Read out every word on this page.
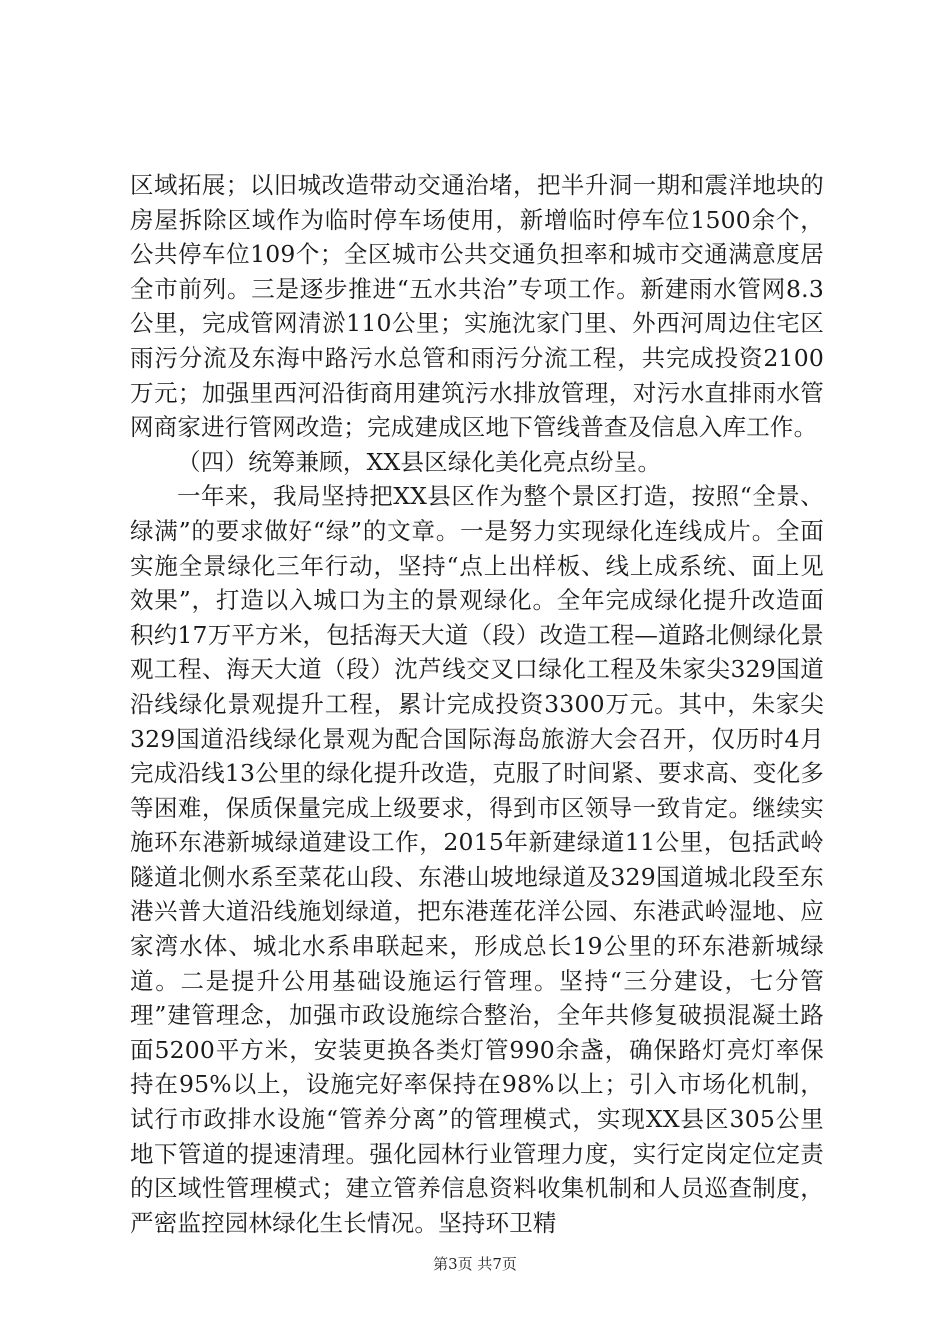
区域拓展；以旧城改造带动交通治堵，把半升洞一期和震洋地块的房屋拆除区域作为临时停车场使用，新增临时停车位1500余个，公共停车位109个；全区城市公共交通负担率和城市交通满意度居全市前列。三是逐步推进“五水共治”专项工作。新建雨水管网8.3公里，完成管网清淤110公里；实施沈家门里、外西河周边住宅区雨污分流及东海中路污水总管和雨污分流工程，共完成投资2100万元；加强里西河沿街商用建筑污水排放管理，对污水直排雨水管网商家进行管网改造；完成建成区地下管线普查及信息入库工作。

（四）统筹兼顾，XX县区绿化美化亮点纷呈。

一年来，我局坚持把XX县区作为整个景区打造，按照“全景、绿满”的要求做好“绿”的文章。一是努力实现绿化连线成片。全面实施全景绿化三年行动，坚持“点上出样板、线上成系统、面上见效果”，打造以入城口为主的景观绿化。全年完成绿化提升改造面积约17万平方米，包括海天大道（段）改造工程—道路北侧绿化景观工程、海天大道（段）沈芦线交叉口绿化工程及朱家尖329国道沿线绿化景观提升工程，累计完成投资3300万元。其中，朱家尖329国道沿线绿化景观为配合国际海岛旅游大会召开，仅历时4月完成沿线13公里的绿化提升改造，克服了时间紧、要求高、变化多等困难，保质保量完成上级要求，得到市区领导一致肯定。继续实施环东港新城绿道建设工作，2015年新建绿道11公里，包括武岭隧道北侧水系至菜花山段、东港山坡地绿道及329国道城北段至东港兴普大道沿线施划绿道，把东港莲花洋公园、东港武岭湿地、应家湾水体、城北水系串联起来，形成总长19公里的环东港新城绿道。二是提升公用基础设施运行管理。坚持“三分建设，七分管理”建管理念，加强市政设施综合整治，全年共修复破损混凝土路面5200平方米，安装更换各类灯管990余盏，确保路灯亮灯率保持在95%以上，设施完好率保持在98%以上；引入市场化机制，试行市政排水设施“管养分离”的管理模式，实现XX县区305公里地下管道的提速清理。强化园林行业管理力度，实行定岗定位定责的区域性管理模式；建立管养信息资料收集机制和人员巡查制度，严密监控园林绿化生长情况。坚持环卫精

第3页 共7页
